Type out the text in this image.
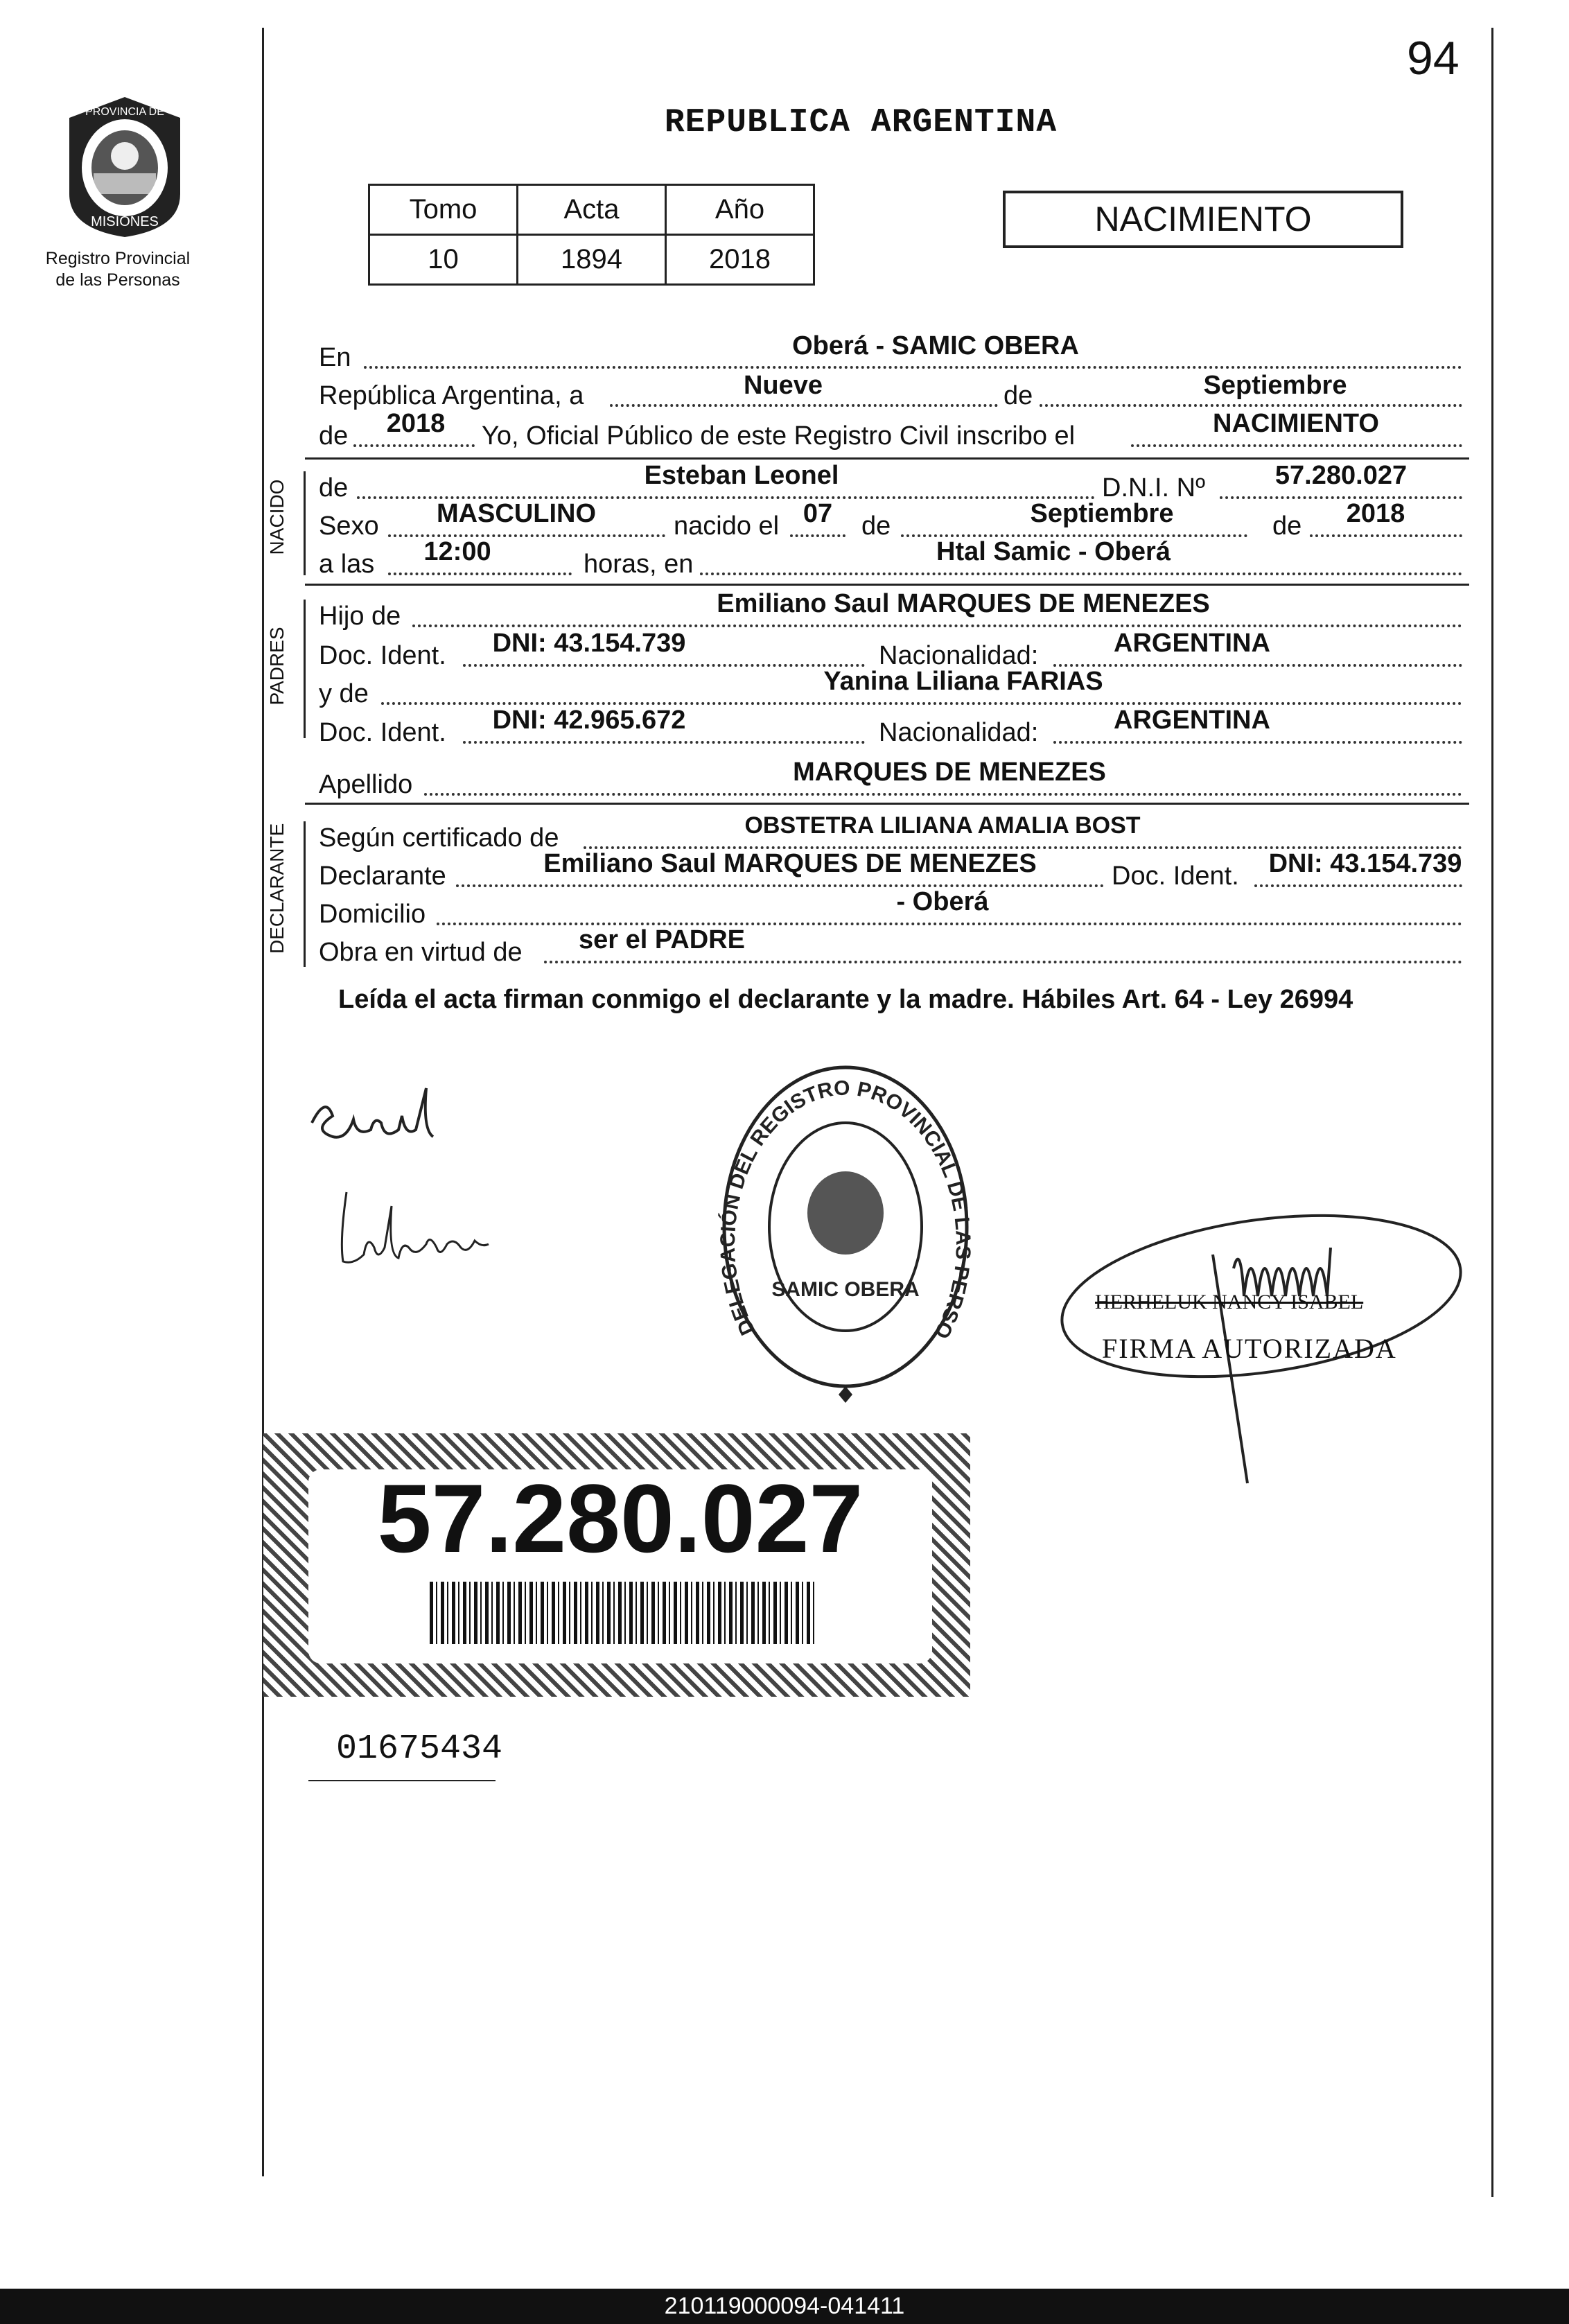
94
PROVINCIA DE
MISIONES
Registro Provincial
de las Personas
REPUBLICA ARGENTINA
Tomo	Acta	Año
10	1894	2018
NACIMIENTO
En	Oberá - SAMIC OBERA
República Argentina, a	Nueve	de	Septiembre
de	2018	Yo, Oficial Público de este Registro Civil inscribo el	NACIMIENTO
NACIDO de	Esteban Leonel	D.N.I. Nº	57.280.027
Sexo	MASCULINO	nacido el 07	de	Septiembre	de	2018
a las	12:00	horas, en	Htal Samic - Oberá
PADRES
Hijo de	Emiliano Saul MARQUES DE MENEZES
Doc. Ident.	DNI: 43.154.739	Nacionalidad:	ARGENTINA
y de	Yanina Liliana FARIAS
Doc. Ident.	DNI: 42.965.672	Nacionalidad:	ARGENTINA
Apellido	MARQUES DE MENEZES
DECLARANTE Según certificado de	OBSTETRA LILIANA AMALIA BOST
Declarante	Emiliano Saul MARQUES DE MENEZES	Doc. Ident.	DNI: 43.154.739
Domicilio	- Oberá
Obra en virtud de	ser el PADRE
Leída el acta firman conmigo el declarante y la madre. Hábiles Art. 64 - Ley 26994
DELEGACIÓN DEL REGISTRO PROVINCIAL DE LAS PERSO
SAMIC OBERA
HERHELUK NANCY ISABEL
FIRMA AUTORIZADA
57.280.027
01675434
210119000094-041411
